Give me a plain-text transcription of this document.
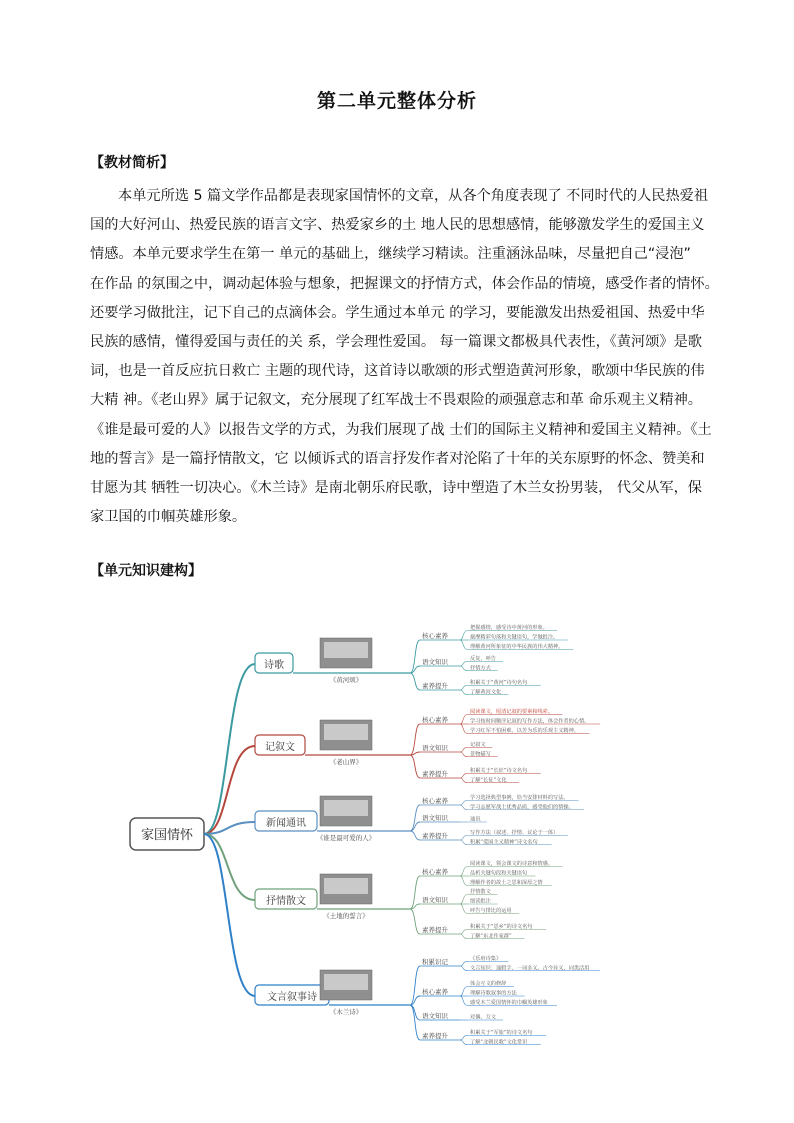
第二单元整体分析
【教材简析】
本单元所选 5 篇文学作品都是表现家国情怀的文章，从各个角度表现了 不同时代的人民热爱祖
国的大好河山、热爱民族的语言文字、热爱家乡的土 地人民的思想感情，能够激发学生的爱国主义
情感。本单元要求学生在第一 单元的基础上，继续学习精读。注重涵泳品味，尽量把自己“浸泡”
在作品 的氛围之中，调动起体验与想象，把握课文的抒情方式，体会作品的情境，感受作者的情怀。
还要学习做批注，记下自己的点滴体会。学生通过本单元 的学习，要能激发出热爱祖国、热爱中华
民族的感情，懂得爱国与责任的关 系，学会理性爱国。 每一篇课文都极具代表性，《黄河颂》是歌
词，也是一首反应抗日救亡 主题的现代诗，这首诗以歌颂的形式塑造黄河形象，歌颂中华民族的伟
大精 神。《老山界》属于记叙文，充分展现了红军战士不畏艰险的顽强意志和革 命乐观主义精神。
《谁是最可爱的人》以报告文学的方式，为我们展现了战 士们的国际主义精神和爱国主义精神。《土
地的誓言》是一篇抒情散文，它 以倾诉式的语言抒发作者对沦陷了十年的关东原野的怀念、赞美和
甘愿为其 牺牲一切决心。《木兰诗》是南北朝乐府民歌，诗中塑造了木兰女扮男装， 代父从军，保
家卫国的巾帼英雄形象。
【单元知识建构】
家国情怀
诗歌
《黄河颂》
核心素养
把握感情，感受诗中黄河的形象。
揣摩精彩句落和关键语句，学做批注。
理解黄河所象征的中华民族的伟大精神。
语文知识	反复，呼告
抒情方式
素养提升	积累关于“黄河”诗句名句
了解黄河文化
记叙文
《老山界》
核心素养
阅读课文，厘清记叙的要素和线索。
学习按时间顺序记叙的写作方法，体会作者的心情。
学习红军不怕困难、以苦为乐的乐观主义精神。
语文知识	记叙文
景物描写
素养提升	积累关于“长征”诗文名句
了解“长征”文化
新闻通讯
《谁是最可爱的人》
核心素养	学习选择典型事例，恰当安排材料的写法。
学习志愿军战士优秀品质，感受他们的情操。
语文知识	通讯
素养提升	写作方法（叙述、抒情、议论于一体）
积累“爱国主义精神”诗文名句
抒情散文
《土地的誓言》
核心素养
阅读课文，领会课文的诗意和情感。
品析关键句段和关键语句
理解作者的故土之思和深厚之情
语文知识
抒情散文
细读批注
呼告与排比的运用
素养提升	积累关于“思乡”的诗文名句
了解“东北作家群”
文言叙事诗
《木兰诗》
积累识记	《乐府诗集》
文言知识：通假字、一词多义、古今异义、词类活用
核心素养
体会互文的修辞
理解诗歌叙事的方法
感受木兰爱国情怀的巾帼英雄形象
语文知识	对偶、互文
素养提升	积累关于“军旅”的诗文名句
了解“北朝民歌”文化常识
